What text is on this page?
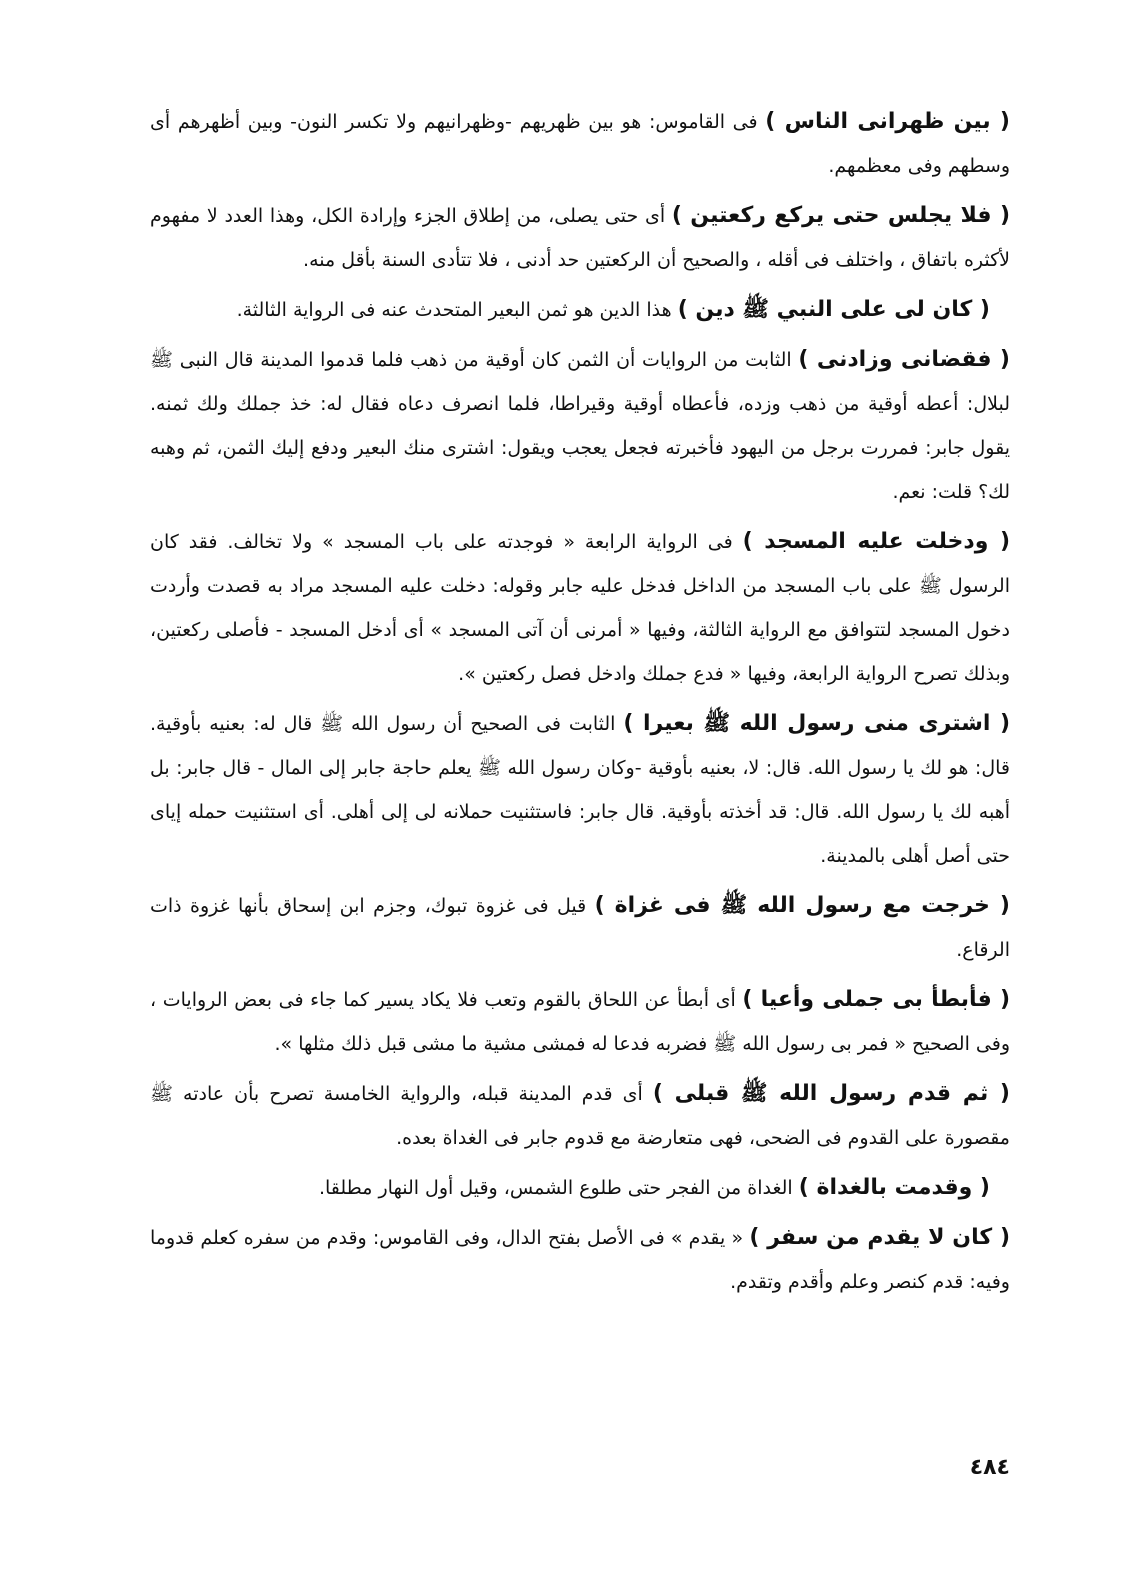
( بين ظهرانى الناس ) فى القاموس: هو بين ظهريهم -وظهرانيهم ولا تكسر النون- وبين أظهرهم أى وسطهم وفى معظمهم.

( فلا يجلس حتى يركع ركعتين ) أى حتى يصلى، من إطلاق الجزء وإرادة الكل، وهذا العدد لا مفهوم لأكثره باتفاق ، واختلف فى أقله ، والصحيح أن الركعتين حد أدنى ، فلا تتأدى السنة بأقل منه.

( كان لى على النبي ﷺ دين ) هذا الدين هو ثمن البعير المتحدث عنه فى الرواية الثالثة.

( فقضانى وزادنى ) الثابت من الروايات أن الثمن كان أوقية من ذهب فلما قدموا المدينة قال النبى ﷺ لبلال: أعطه أوقية من ذهب وزده، فأعطاه أوقية وقيراطا، فلما انصرف دعاه فقال له: خذ جملك ولك ثمنه. يقول جابر: فمررت برجل من اليهود فأخبرته فجعل يعجب ويقول: اشترى منك البعير ودفع إليك الثمن، ثم وهبه لك؟ قلت: نعم.

( ودخلت عليه المسجد ) فى الرواية الرابعة « فوجدته على باب المسجد » ولا تخالف. فقد كان الرسول ﷺ على باب المسجد من الداخل فدخل عليه جابر وقوله: دخلت عليه المسجد مراد به قصدت وأردت دخول المسجد لتتوافق مع الرواية الثالثة، وفيها « أمرنى أن آتى المسجد » أى أدخل المسجد - فأصلى ركعتين، وبذلك تصرح الرواية الرابعة، وفيها « فدع جملك وادخل فصل ركعتين ».

( اشترى منى رسول الله ﷺ بعيرا ) الثابت فى الصحيح أن رسول الله ﷺ قال له: بعنيه بأوقية. قال: هو لك يا رسول الله. قال: لا، بعنيه بأوقية -وكان رسول الله ﷺ يعلم حاجة جابر إلى المال - قال جابر: بل أهبه لك يا رسول الله. قال: قد أخذته بأوقية. قال جابر: فاستثنيت حملانه لى إلى أهلى. أى استثنيت حمله إياى حتى أصل أهلى بالمدينة.

( خرجت مع رسول الله ﷺ فى غزاة ) قيل فى غزوة تبوك، وجزم ابن إسحاق بأنها غزوة ذات الرقاع.

( فأبطأ بى جملى وأعيا ) أى أبطأ عن اللحاق بالقوم وتعب فلا يكاد يسير كما جاء فى بعض الروايات ، وفى الصحيح « فمر بى رسول الله ﷺ فضربه فدعا له فمشى مشية ما مشى قبل ذلك مثلها ».

( ثم قدم رسول الله ﷺ قبلى ) أى قدم المدينة قبله، والرواية الخامسة تصرح بأن عادته ﷺ مقصورة على القدوم فى الضحى، فهى متعارضة مع قدوم جابر فى الغداة بعده.

( وقدمت بالغداة ) الغداة من الفجر حتى طلوع الشمس، وقيل أول النهار مطلقا.

( كان لا يقدم من سفر ) « يقدم » فى الأصل بفتح الدال، وفى القاموس: وقدم من سفره كعلم قدوما وفيه: قدم كنصر وعلم وأقدم وتقدم.

٤٨٤
